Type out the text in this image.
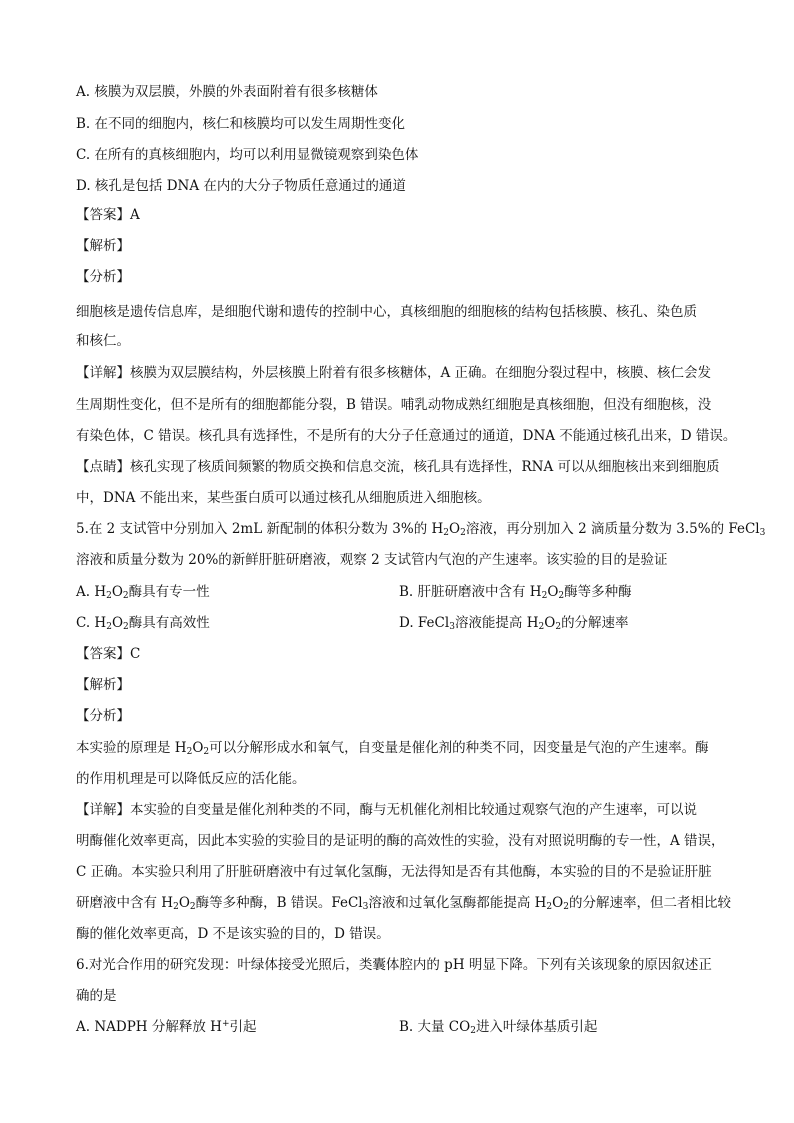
A. 核膜为双层膜，外膜的外表面附着有很多核糖体
B. 在不同的细胞内，核仁和核膜均可以发生周期性变化
C. 在所有的真核细胞内，均可以利用显微镜观察到染色体
D. 核孔是包括 DNA 在内的大分子物质任意通过的通道
【答案】A
【解析】
【分析】
细胞核是遗传信息库，是细胞代谢和遗传的控制中心，真核细胞的细胞核的结构包括核膜、核孔、染色质
和核仁。
【详解】核膜为双层膜结构，外层核膜上附着有很多核糖体，A 正确。在细胞分裂过程中，核膜、核仁会发
生周期性变化，但不是所有的细胞都能分裂，B 错误。哺乳动物成熟红细胞是真核细胞，但没有细胞核，没
有染色体，C 错误。核孔具有选择性，不是所有的大分子任意通过的通道，DNA 不能通过核孔出来，D 错误。
【点睛】核孔实现了核质间频繁的物质交换和信息交流，核孔具有选择性，RNA 可以从细胞核出来到细胞质
中，DNA 不能出来，某些蛋白质可以通过核孔从细胞质进入细胞核。
5.在 2 支试管中分别加入 2mL 新配制的体积分数为 3%的 $H_2O_2$溶液，再分别加入 2 滴质量分数为 3.5%的 FeCl$_3$
溶液和质量分数为 20%的新鲜肝脏研磨液，观察 2 支试管内气泡的产生速率。该实验的目的是验证
A. $H_2O_2$酶具有专一性	B. 肝脏研磨液中含有 $H_2O_2$酶等多种酶
C. $H_2O_2$酶具有高效性	D. FeCl$_3$溶液能提高 $H_2O_2$的分解速率
【答案】C
【解析】
【分析】
本实验的原理是 $H_2O_2$可以分解形成水和氧气，自变量是催化剂的种类不同，因变量是气泡的产生速率。酶
的作用机理是可以降低反应的活化能。
【详解】本实验的自变量是催化剂种类的不同，酶与无机催化剂相比较通过观察气泡的产生速率，可以说
明酶催化效率更高，因此本实验的实验目的是证明的酶的高效性的实验，没有对照说明酶的专一性，A 错误，
C 正确。本实验只利用了肝脏研磨液中有过氧化氢酶，无法得知是否有其他酶，本实验的目的不是验证肝脏
研磨液中含有 $H_2O_2$酶等多种酶，B 错误。FeCl$_3$溶液和过氧化氢酶都能提高 $H_2O_2$的分解速率，但二者相比较
酶的催化效率更高，D 不是该实验的目的，D 错误。
6.对光合作用的研究发现：叶绿体接受光照后，类囊体腔内的 pH 明显下降。下列有关该现象的原因叙述正
确的是
A. NADPH 分解释放 H+引起	B. 大量 $CO_2$进入叶绿体基质引起
